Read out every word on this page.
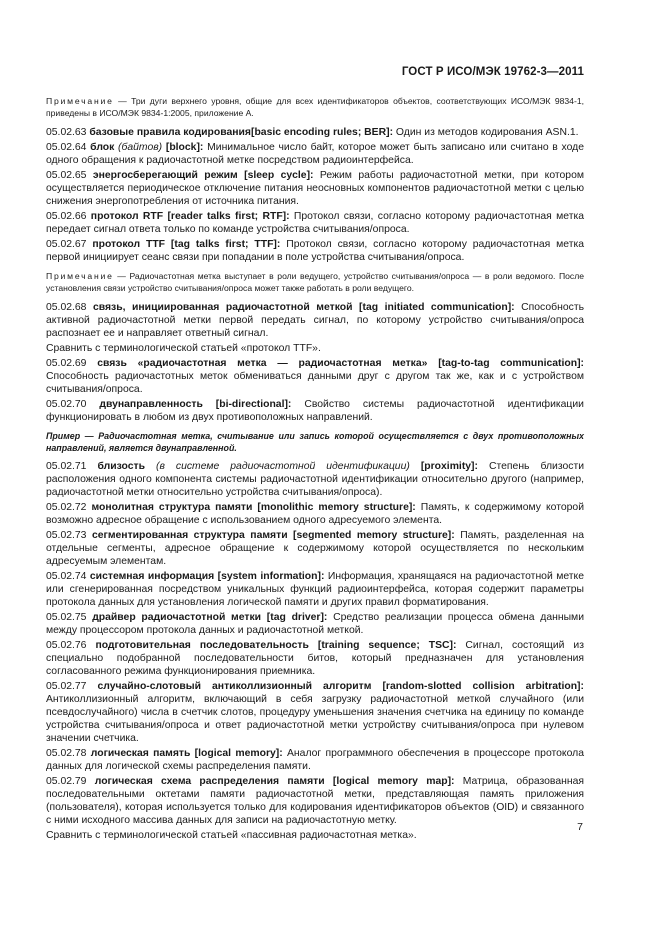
ГОСТ Р ИСО/МЭК 19762-3—2011

Примечание — Три дуги верхнего уровня, общие для всех идентификаторов объектов, соответствующих ИСО/МЭК 9834-1, приведены в ИСО/МЭК 9834-1:2005, приложение А.

05.02.63 базовые правила кодирования[basic encoding rules; BER]: Один из методов кодирования ASN.1.

05.02.64 блок (байтов) [block]: Минимальное число байт, которое может быть записано или считано в ходе одного обращения к радиочастотной метке посредством радиоинтерфейса.

05.02.65 энергосберегающий режим [sleep cycle]: Режим работы радиочастотной метки, при котором осуществляется периодическое отключение питания неосновных компонентов радиочастотной метки с целью снижения энергопотребления от источника питания.

05.02.66 протокол RTF [reader talks first; RTF]: Протокол связи, согласно которому радиочастотная метка передает сигнал ответа только по команде устройства считывания/опроса.

05.02.67 протокол TTF [tag talks first; TTF]: Протокол связи, согласно которому радиочастотная метка первой инициирует сеанс связи при попадании в поле устройства считывания/опроса.

Примечание — Радиочастотная метка выступает в роли ведущего, устройство считывания/опроса — в роли ведомого. После установления связи устройство считывания/опроса может также работать в роли ведущего.

05.02.68 связь, инициированная радиочастотной меткой [tag initiated communication]: Способность активной радиочастотной метки первой передать сигнал, по которому устройство считывания/опроса распознает ее и направляет ответный сигнал.

Сравнить с терминологической статьей «протокол TTF».

05.02.69 связь «радиочастотная метка — радиочастотная метка» [tag-to-tag communication]: Способность радиочастотных меток обмениваться данными друг с другом так же, как и с устройством считывания/опроса.

05.02.70 двунаправленность [bi-directional]: Свойство системы радиочастотной идентификации функционировать в любом из двух противоположных направлений.

Пример — Радиочастотная метка, считывание или запись которой осуществляется с двух противоположных направлений, является двунаправленной.

05.02.71 близость (в системе радиочастотной идентификации) [proximity]: Степень близости расположения одного компонента системы радиочастотной идентификации относительно другого (например, радиочастотной метки относительно устройства считывания/опроса).

05.02.72 монолитная структура памяти [monolithic memory structure]: Память, к содержимому которой возможно адресное обращение с использованием одного адресуемого элемента.

05.02.73 сегментированная структура памяти [segmented memory structure]: Память, разделенная на отдельные сегменты, адресное обращение к содержимому которой осуществляется по нескольким адресуемым элементам.

05.02.74 системная информация [system information]: Информация, хранящаяся на радиочастотной метке или сгенерированная посредством уникальных функций радиоинтерфейса, которая содержит параметры протокола данных для установления логической памяти и других правил форматирования.

05.02.75 драйвер радиочастотной метки [tag driver]: Средство реализации процесса обмена данными между процессором протокола данных и радиочастотной меткой.

05.02.76 подготовительная последовательность [training sequence; TSC]: Сигнал, состоящий из специально подобранной последовательности битов, который предназначен для установления согласованного режима функционирования приемника.

05.02.77 случайно-слотовый антиколлизионный алгоритм [random-slotted collision arbitration]: Антиколлизионный алгоритм, включающий в себя загрузку радиочастотной меткой случайного (или псевдослучайного) числа в счетчик слотов, процедуру уменьшения значения счетчика на единицу по команде устройства считывания/опроса и ответ радиочастотной метки устройству считывания/опроса при нулевом значении счетчика.

05.02.78 логическая память [logical memory]: Аналог программного обеспечения в процессоре протокола данных для логической схемы распределения памяти.

05.02.79 логическая схема распределения памяти [logical memory map]: Матрица, образованная последовательными октетами памяти радиочастотной метки, представляющая память приложения (пользователя), которая используется только для кодирования идентификаторов объектов (OID) и связанного с ними исходного массива данных для записи на радиочастотную метку.

Сравнить с терминологической статьей «пассивная радиочастотная метка».

7
